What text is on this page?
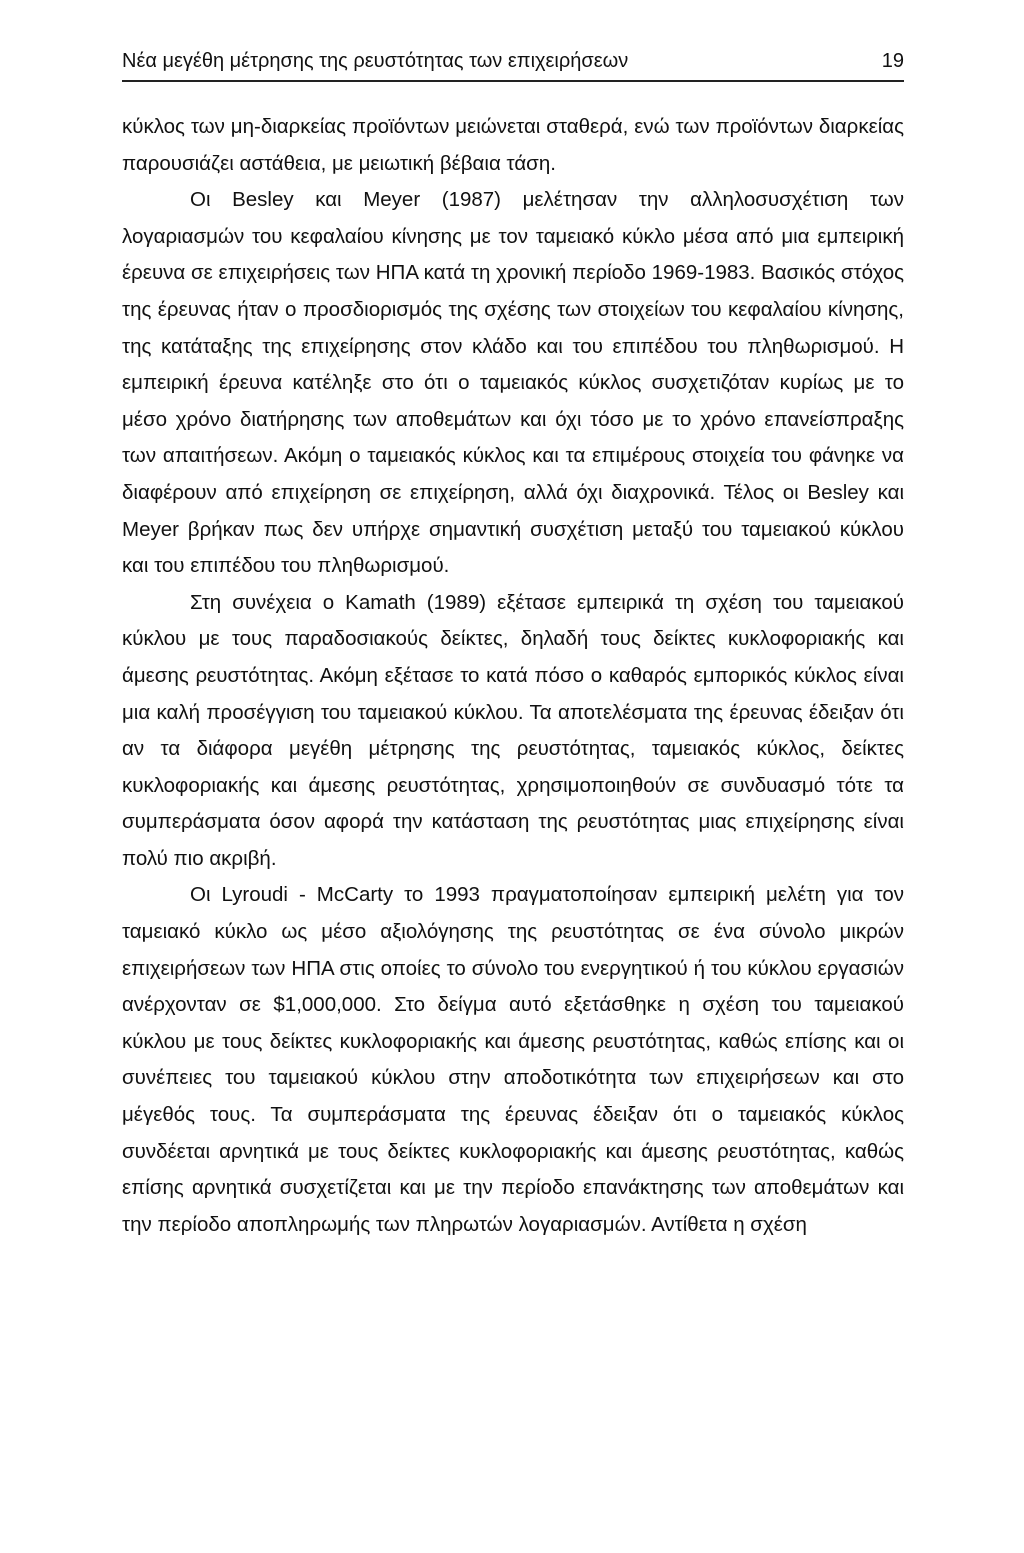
Νέα μεγέθη μέτρησης της ρευστότητας των επιχειρήσεων	19

κύκλος των μη-διαρκείας προϊόντων μειώνεται σταθερά, ενώ των προϊόντων διαρκείας παρουσιάζει αστάθεια, με μειωτική βέβαια τάση.

Οι Besley και Meyer (1987) μελέτησαν την αλληλοσυσχέτιση των λογαριασμών του κεφαλαίου κίνησης με τον ταμειακό κύκλο μέσα από μια εμπειρική έρευνα σε επιχειρήσεις των ΗΠΑ κατά τη χρονική περίοδο 1969-1983. Βασικός στόχος της έρευνας ήταν ο προσδιορισμός της σχέσης των στοιχείων του κεφαλαίου κίνησης, της κατάταξης της επιχείρησης στον κλάδο και του επιπέδου του πληθωρισμού. Η εμπειρική έρευνα κατέληξε στο ότι ο ταμειακός κύκλος συσχετιζόταν κυρίως με το μέσο χρόνο διατήρησης των αποθεμάτων και όχι τόσο με το χρόνο επανείσπραξης των απαιτήσεων. Ακόμη ο ταμειακός κύκλος και τα επιμέρους στοιχεία του φάνηκε να διαφέρουν από επιχείρηση σε επιχείρηση, αλλά όχι διαχρονικά. Τέλος οι Besley και Meyer βρήκαν πως δεν υπήρχε σημαντική συσχέτιση μεταξύ του ταμειακού κύκλου και του επιπέδου του πληθωρισμού.

Στη συνέχεια ο Kamath (1989) εξέτασε εμπειρικά τη σχέση του ταμειακού κύκλου με τους παραδοσιακούς δείκτες, δηλαδή τους δείκτες κυκλοφοριακής και άμεσης ρευστότητας. Ακόμη εξέτασε το κατά πόσο ο καθαρός εμπορικός κύκλος είναι μια καλή προσέγγιση του ταμειακού κύκλου. Τα αποτελέσματα της έρευνας έδειξαν ότι αν τα διάφορα μεγέθη μέτρησης της ρευστότητας, ταμειακός κύκλος, δείκτες κυκλοφοριακής και άμεσης ρευστότητας, χρησιμοποιηθούν σε συνδυασμό τότε τα συμπεράσματα όσον αφορά την κατάσταση της ρευστότητας μιας επιχείρησης είναι πολύ πιο ακριβή.

Οι Lyroudi - McCarty το 1993 πραγματοποίησαν εμπειρική μελέτη για τον ταμειακό κύκλο ως μέσο αξιολόγησης της ρευστότητας σε ένα σύνολο μικρών επιχειρήσεων των ΗΠΑ στις οποίες το σύνολο του ενεργητικού ή του κύκλου εργασιών ανέρχονταν σε $1,000,000. Στο δείγμα αυτό εξετάσθηκε η σχέση του ταμειακού κύκλου με τους δείκτες κυκλοφοριακής και άμεσης ρευστότητας, καθώς επίσης και οι συνέπειες του ταμειακού κύκλου στην αποδοτικότητα των επιχειρήσεων και στο μέγεθός τους. Τα συμπεράσματα της έρευνας έδειξαν ότι ο ταμειακός κύκλος συνδέεται αρνητικά με τους δείκτες κυκλοφοριακής και άμεσης ρευστότητας, καθώς επίσης αρνητικά συσχετίζεται και με την περίοδο επανάκτησης των αποθεμάτων και την περίοδο αποπληρωμής των πληρωτών λογαριασμών. Αντίθετα η σχέση
